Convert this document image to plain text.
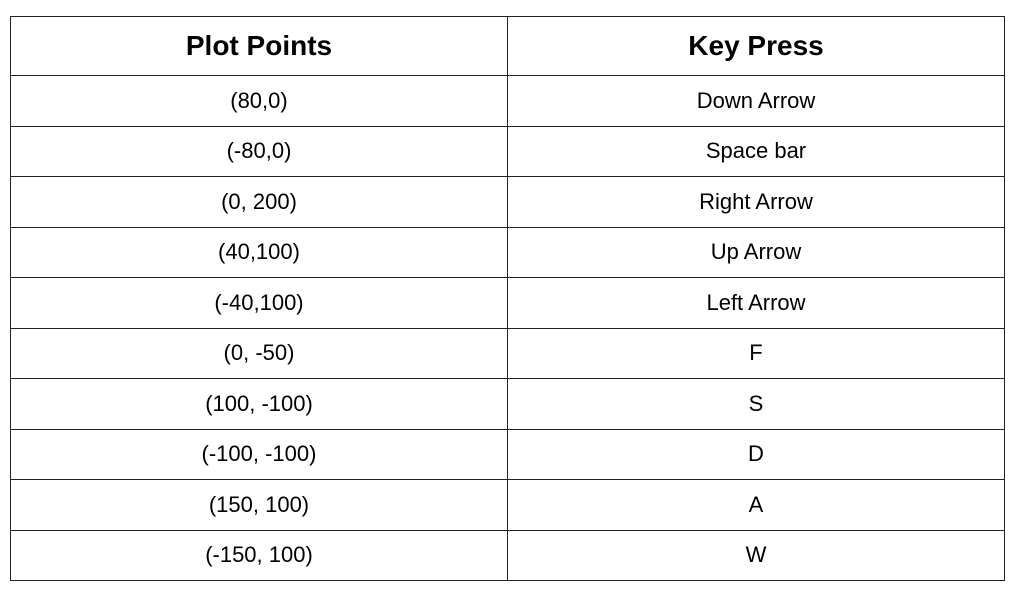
Plot Points	Key Press
(80,0)	Down Arrow
(-80,0)	Space bar
(0, 200)	Right Arrow
(40,100)	Up Arrow
(-40,100)	Left Arrow
(0, -50)	F
(100, -100)	S
(-100, -100)	D
(150, 100)	A
(-150, 100)	W
